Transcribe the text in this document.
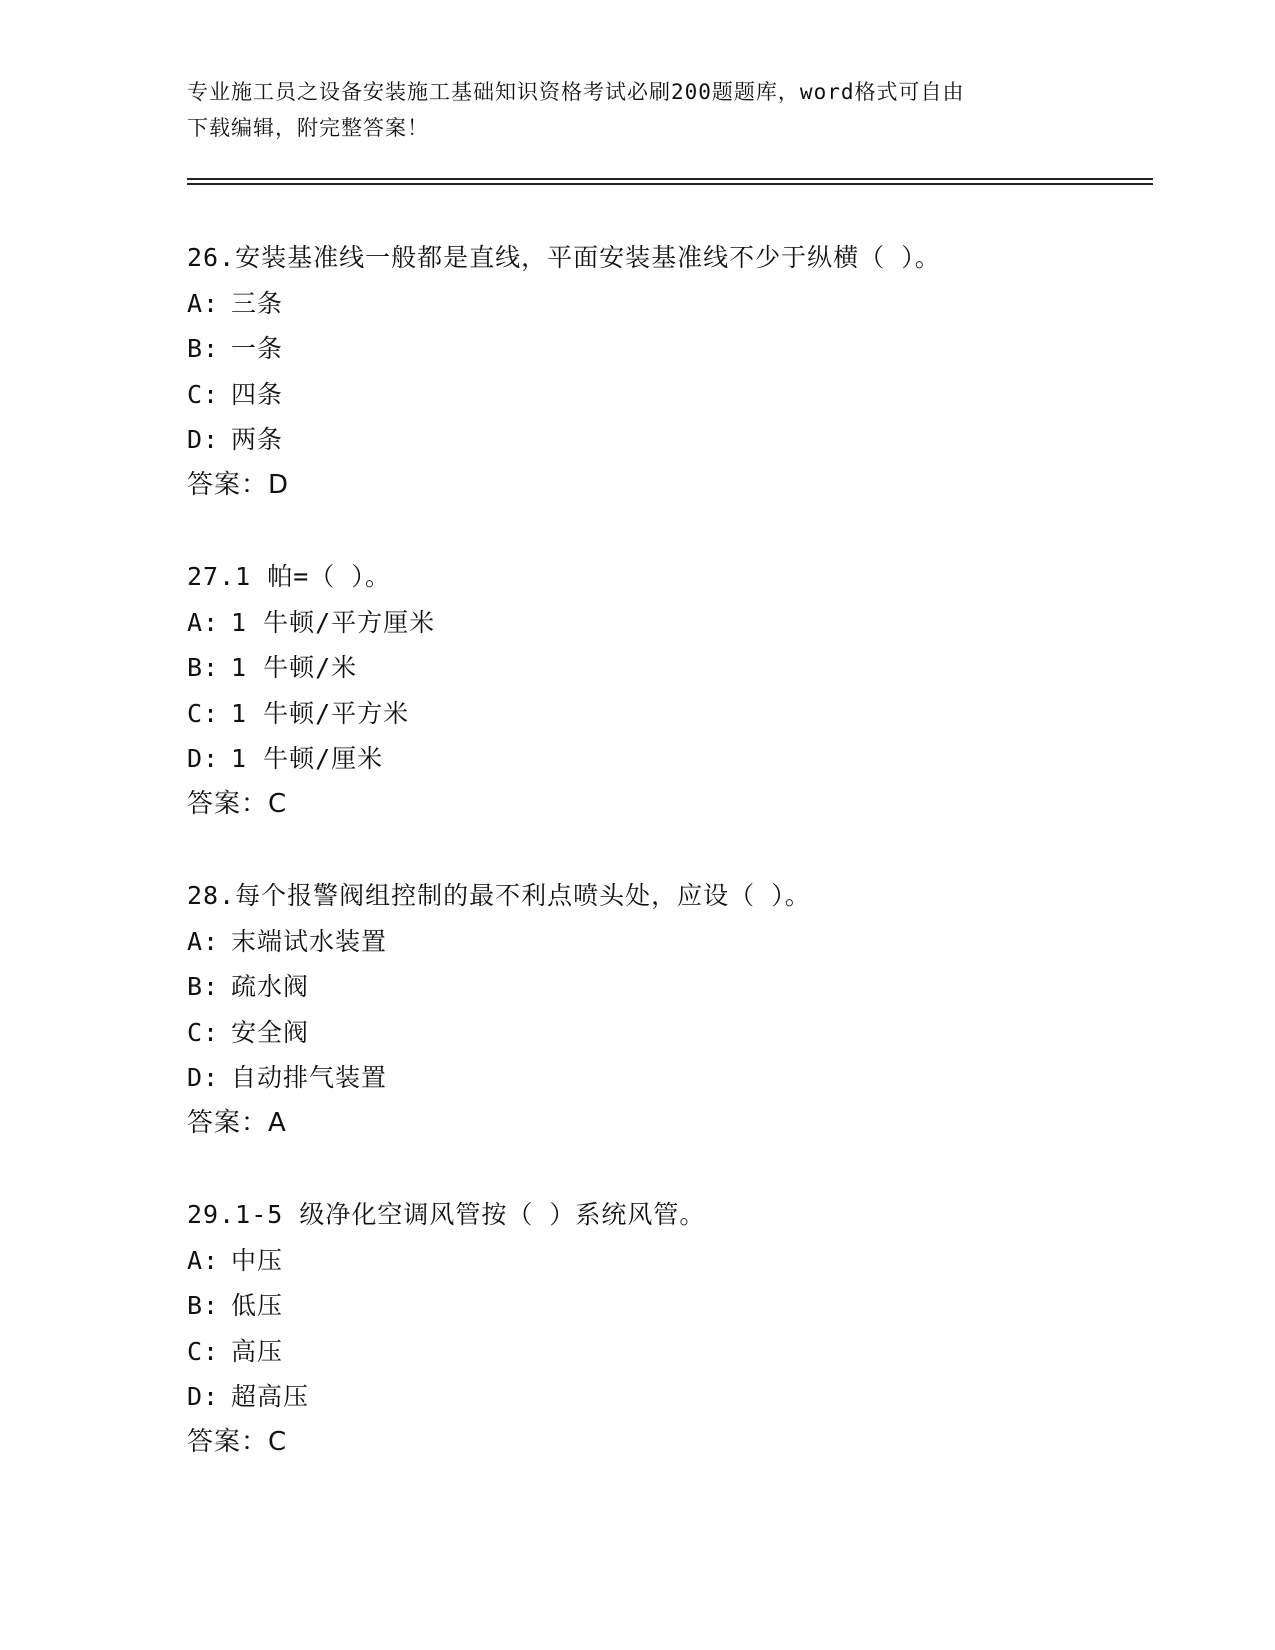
专业施工员之设备安装施工基础知识资格考试必刷200题题库，word格式可自由
下载编辑，附完整答案！
26.安装基准线一般都是直线，平面安装基准线不少于纵横（ ）。
A: 三条
B: 一条
C: 四条
D: 两条
答案：D
27.1 帕=（ ）。
A: 1 牛顿/平方厘米
B: 1 牛顿/米
C: 1 牛顿/平方米
D: 1 牛顿/厘米
答案：C
28.每个报警阀组控制的最不利点喷头处，应设（ ）。
A: 末端试水装置
B: 疏水阀
C: 安全阀
D: 自动排气装置
答案：A
29.1-5 级净化空调风管按（ ）系统风管。
A: 中压
B: 低压
C: 高压
D: 超高压
答案：C
